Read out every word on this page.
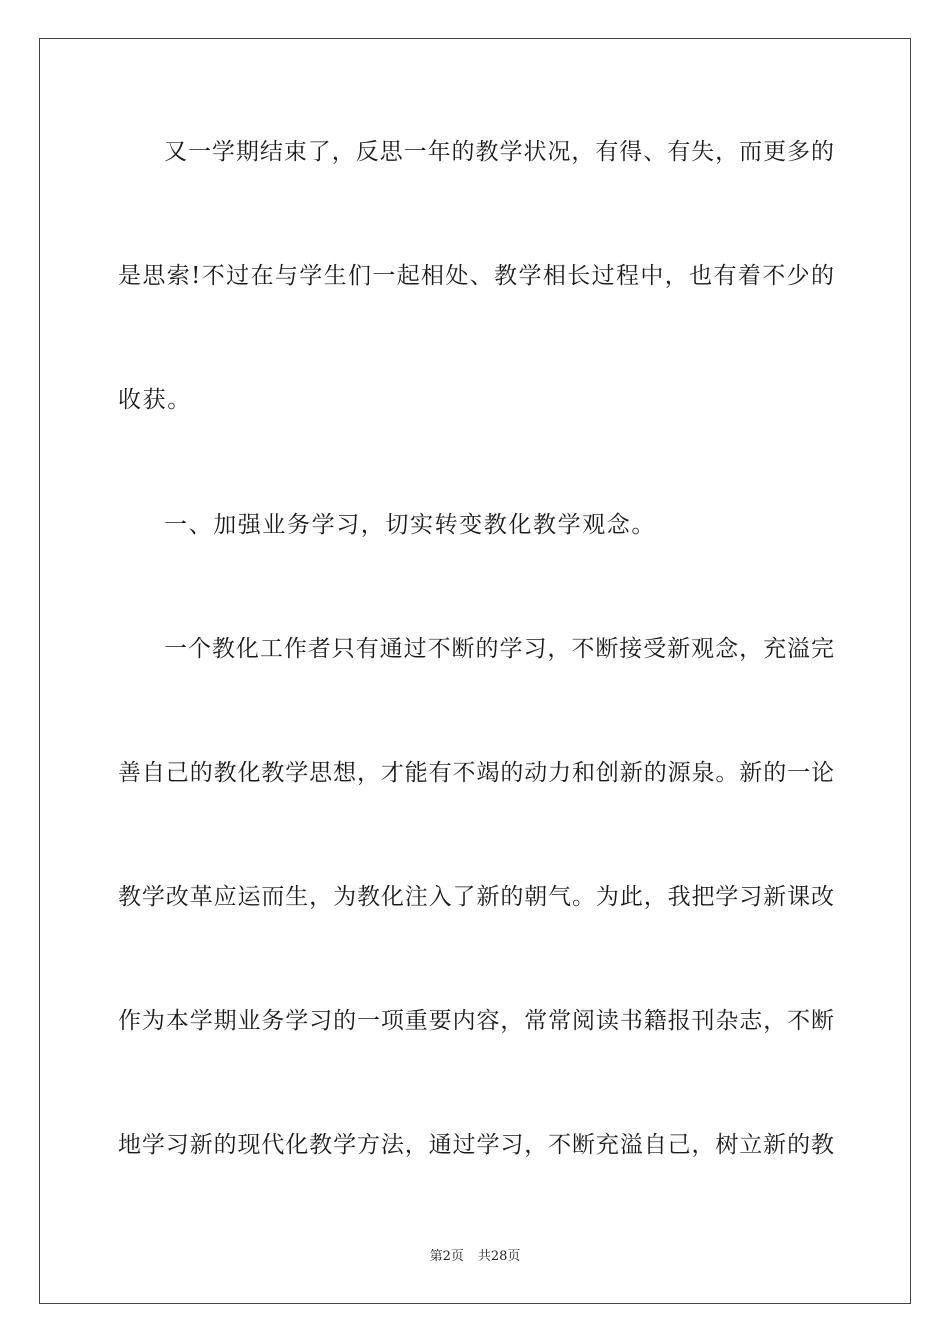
又一学期结束了，反思一年的教学状况，有得、有失，而更多的
是思索!不过在与学生们一起相处、教学相长过程中，也有着不少的
收获。
一、加强业务学习，切实转变教化教学观念。
一个教化工作者只有通过不断的学习，不断接受新观念，充溢完
善自己的教化教学思想，才能有不竭的动力和创新的源泉。新的一论
教学改革应运而生，为教化注入了新的朝气。为此，我把学习新课改
作为本学期业务学习的一项重要内容，常常阅读书籍报刊杂志，不断
地学习新的现代化教学方法，通过学习，不断充溢自己，树立新的教
第2页 共28页
